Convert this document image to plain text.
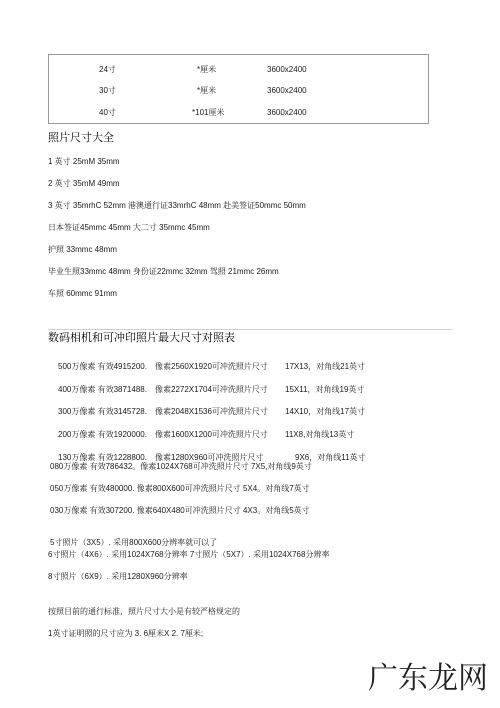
24寸	*厘米	3600x2400
30寸	*厘米	3600x2400
40寸	*101厘米	3600x2400
照片尺寸大全
1 英寸 25mM 35mm
2 英寸 35mM 49mm
3 英寸 35mrhC 52mm 港澳通行证33mrhC 48mm 赴美签证50mmc 50mm
日本签证45mmc 45mm 大二寸 35mmc 45mm
护照 33mmc 48mm
毕业生照33mmc 48mm 身份证22mmc 32mm 驾照 21mmc 26mm
车照 60mmc 91mm
数码相机和可冲印照片最大尺寸对照表
500万像素 有效4915200. 像素2560X1920可冲洗照片尺寸 17X13，对角线21英寸
400万像素 有效3871488. 像素2272X1704可冲洗照片尺寸 15X11，对角线19英寸
300万像素 有效3145728. 像素2048X1536可冲洗照片尺寸 14X10，对角线17英寸
200万像素 有效1920000. 像素1600X1200可冲洗照片尺寸 11X8,对角线13英寸
130万像素 有效1228800. 像素1280X960可冲洗照片尺寸	9X6，对角线11英寸
080万像素 有效786432。像素1024X768可冲洗照片尺寸 7X5,对角线9英寸
050万像素 有效480000. 像素800X600可冲洗照片尺寸 5X4。对角线7英寸
030万像素 有效307200. 像素640X480可冲洗照片尺寸 4X3。对角线5英寸
5寸照片（3X5）. 采用800X600分辨率就可以了
6寸照片（4X6）. 采用1024X768分辨率 7寸照片（5X7）. 采用1024X768分辨率
8寸照片（6X9）. 采用1280X960分辨率
按照目前的通行标准，照片尺寸大小是有较严格规定的
1英寸证明照的尺寸应为 3. 6厘米X 2. 7厘米;
广东龙网
